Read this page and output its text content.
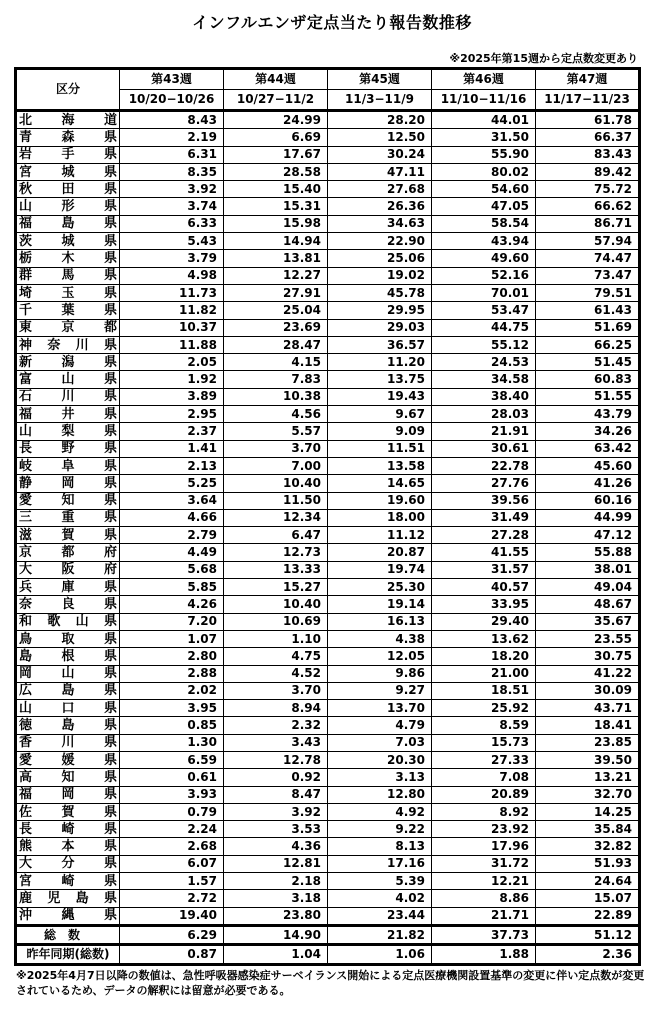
インフルエンザ定点当たり報告数推移
※2025年第15週から定点数変更あり
区分	第43週	第44週	第45週	第46週	第47週
	10/20−10/26	10/27−11/2	11/3−11/9	11/10−11/16	11/17−11/23

北 海 道	8.43	24.99	28.20	44.01	61.78

青 森 県	2.19	6.69	12.50	31.50	66.37

岩 手 県	6.31	17.67	30.24	55.90	83.43

宮 城 県	8.35	28.58	47.11	80.02	89.42

秋 田 県	3.92	15.40	27.68	54.60	75.72

山 形 県	3.74	15.31	26.36	47.05	66.62

福 島 県	6.33	15.98	34.63	58.54	86.71

茨 城 県	5.43	14.94	22.90	43.94	57.94

栃 木 県	3.79	13.81	25.06	49.60	74.47

群 馬 県	4.98	12.27	19.02	52.16	73.47

埼 玉 県	11.73	27.91	45.78	70.01	79.51

千 葉 県	11.82	25.04	29.95	53.47	61.43

東 京 都	10.37	23.69	29.03	44.75	51.69

神 奈 川 県	11.88	28.47	36.57	55.12	66.25

新 潟 県	2.05	4.15	11.20	24.53	51.45

富 山 県	1.92	7.83	13.75	34.58	60.83

石 川 県	3.89	10.38	19.43	38.40	51.55

福 井 県	2.95	4.56	9.67	28.03	43.79

山 梨 県	2.37	5.57	9.09	21.91	34.26

長 野 県	1.41	3.70	11.51	30.61	63.42

岐 阜 県	2.13	7.00	13.58	22.78	45.60

静 岡 県	5.25	10.40	14.65	27.76	41.26

愛 知 県	3.64	11.50	19.60	39.56	60.16

三 重 県	4.66	12.34	18.00	31.49	44.99

滋 賀 県	2.79	6.47	11.12	27.28	47.12

京 都 府	4.49	12.73	20.87	41.55	55.88

大 阪 府	5.68	13.33	19.74	31.57	38.01

兵 庫 県	5.85	15.27	25.30	40.57	49.04

奈 良 県	4.26	10.40	19.14	33.95	48.67

和 歌 山 県	7.20	10.69	16.13	29.40	35.67

鳥 取 県	1.07	1.10	4.38	13.62	23.55

島 根 県	2.80	4.75	12.05	18.20	30.75

岡 山 県	2.88	4.52	9.86	21.00	41.22

広 島 県	2.02	3.70	9.27	18.51	30.09

山 口 県	3.95	8.94	13.70	25.92	43.71

徳 島 県	0.85	2.32	4.79	8.59	18.41

香 川 県	1.30	3.43	7.03	15.73	23.85

愛 媛 県	6.59	12.78	20.30	27.33	39.50

高 知 県	0.61	0.92	3.13	7.08	13.21

福 岡 県	3.93	8.47	12.80	20.89	32.70

佐 賀 県	0.79	3.92	4.92	8.92	14.25

長 崎 県	2.24	3.53	9.22	23.92	35.84

熊 本 県	2.68	4.36	8.13	17.96	32.82

大 分 県	6.07	12.81	17.16	31.72	51.93

宮 崎 県	1.57	2.18	5.39	12.21	24.64

鹿 児 島 県	2.72	3.18	4.02	8.86	15.07

沖 縄 県	19.40	23.80	23.44	21.71	22.89
総数	6.29	14.90	21.82	37.73	51.12
昨年同期(総数)	0.87	1.04	1.06	1.88	2.36
※2025年4月7日以降の数値は、急性呼吸器感染症サーベイランス開始による定点医療機関設置基準の変更に伴い定点数が変更されているため、データの解釈には留意が必要である。
